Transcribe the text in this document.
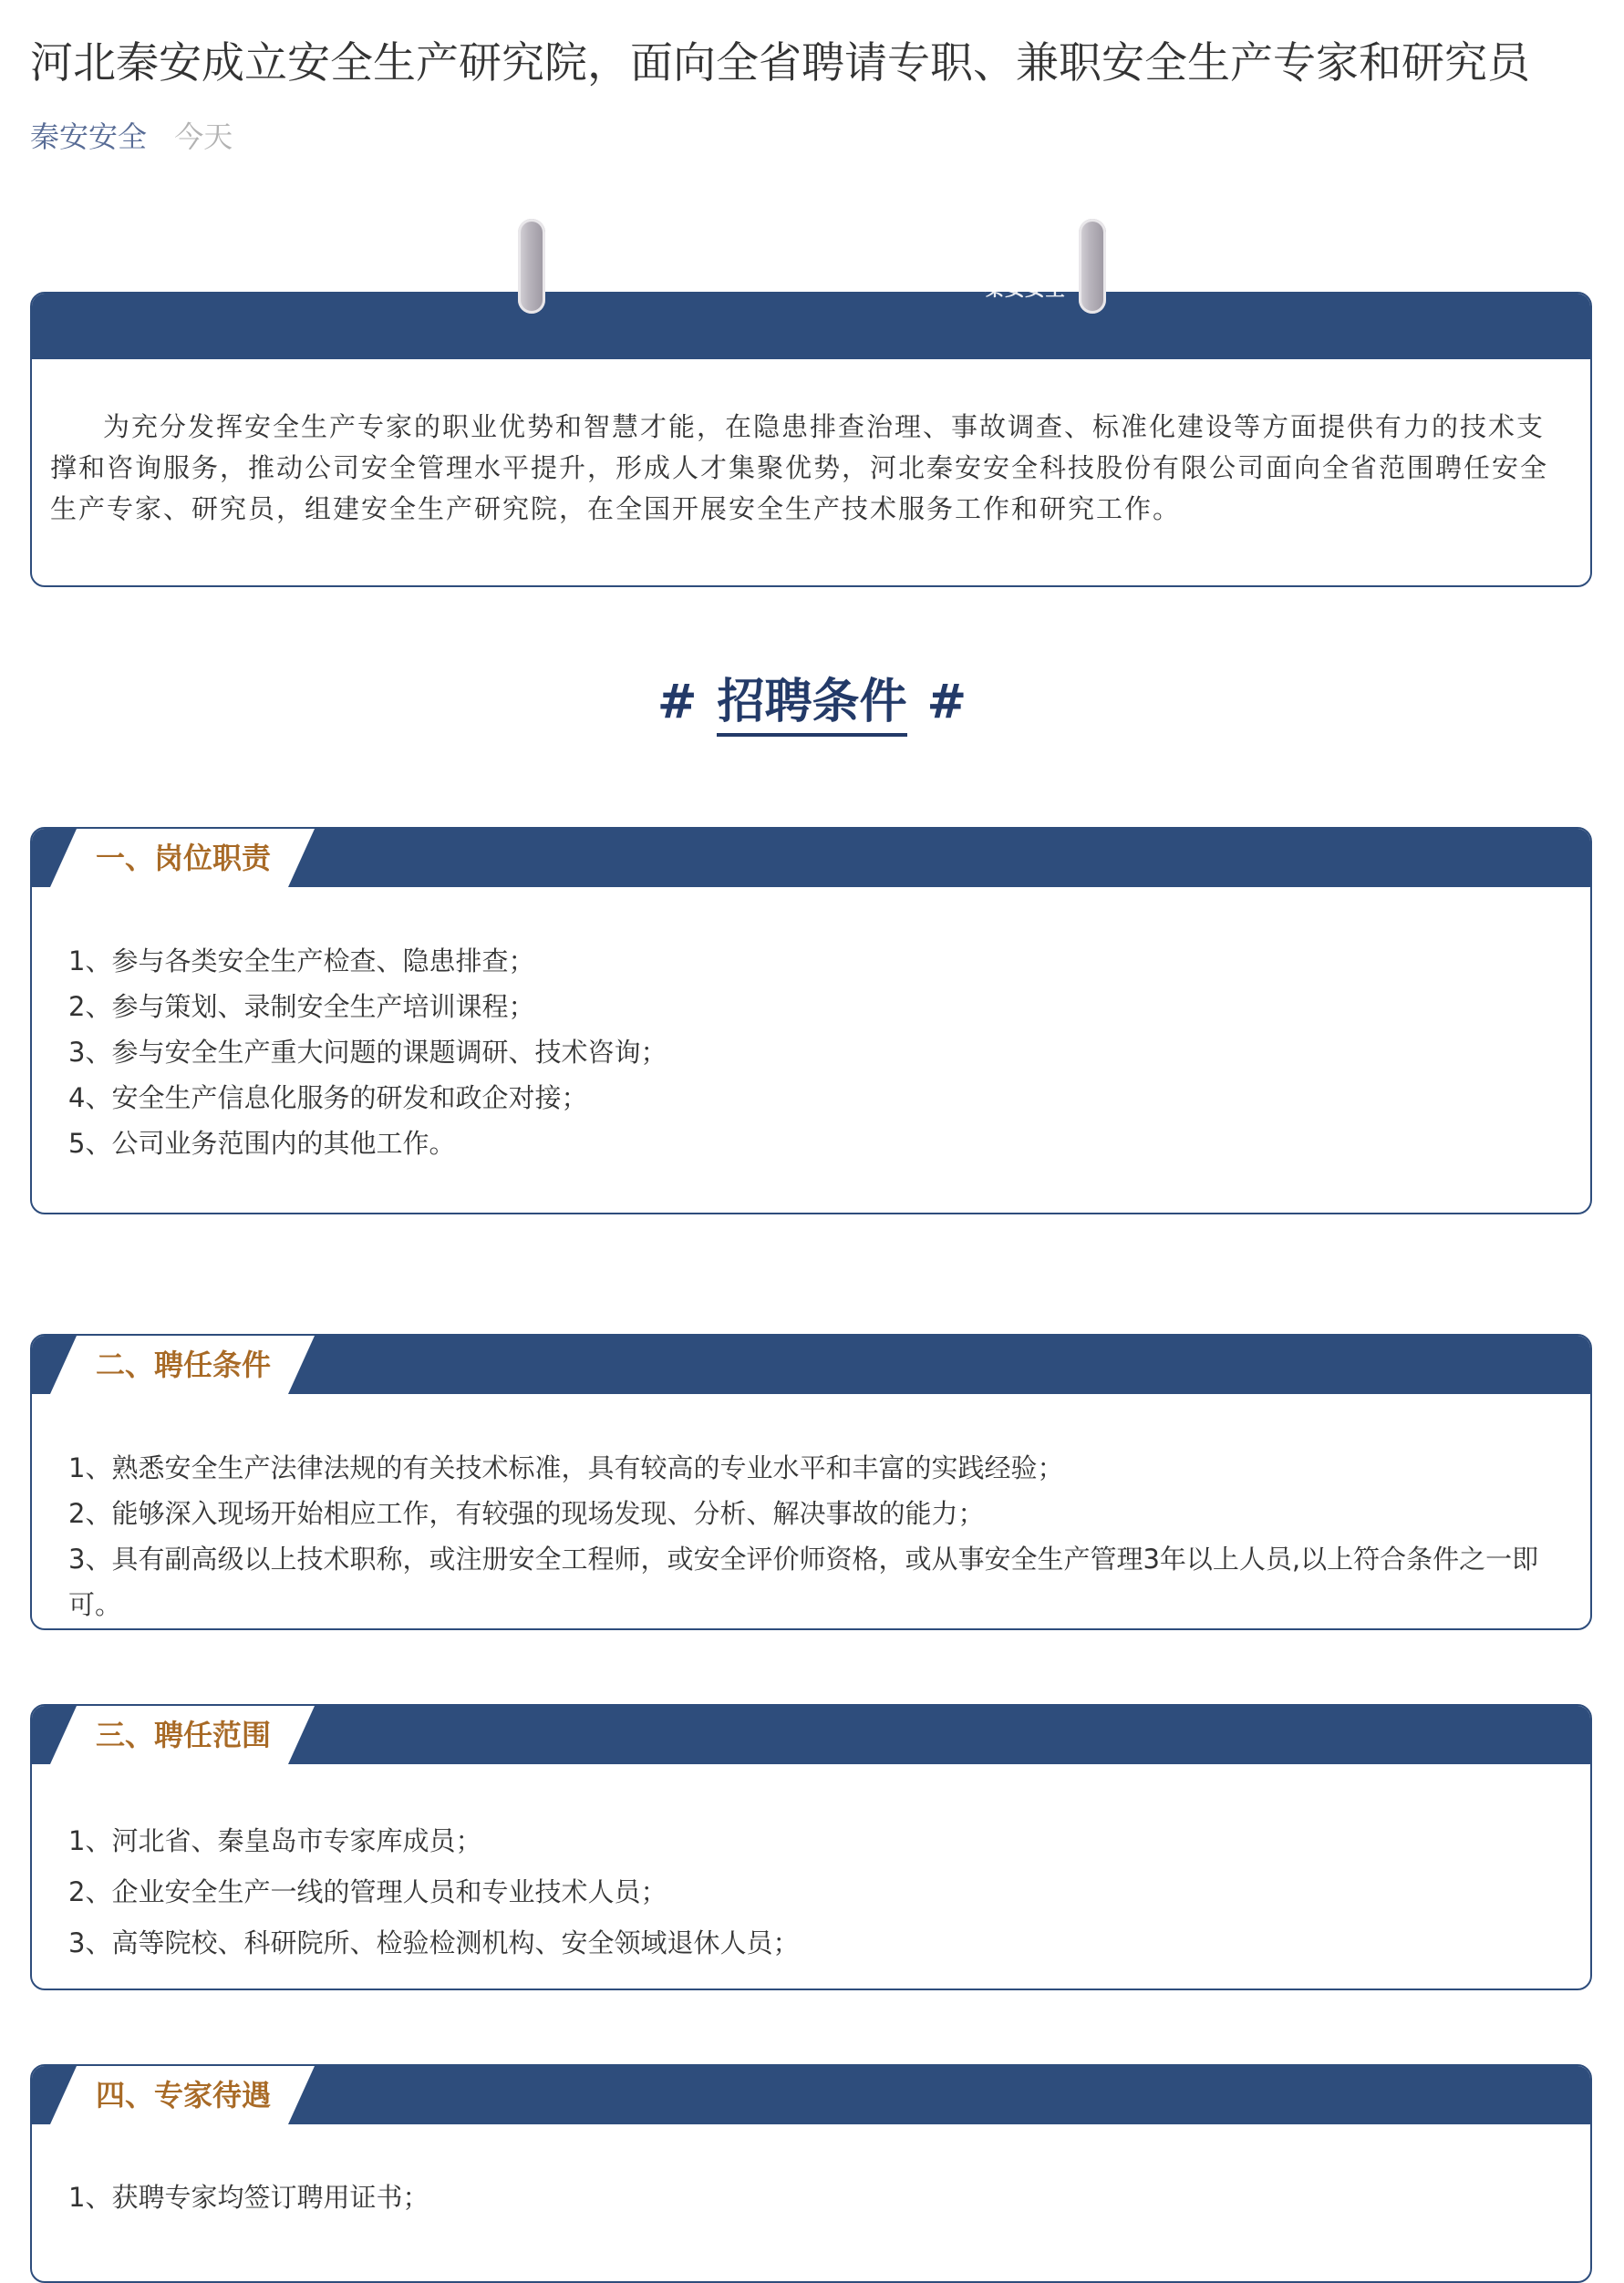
河北秦安成立安全生产研究院，面向全省聘请专职、兼职安全生产专家和研究员
秦安安全 今天

为充分发挥安全生产专家的职业优势和智慧才能，在隐患排查治理、事故调查、标准化建设等方面提供有力的技术支撑和咨询服务，推动公司安全管理水平提升，形成人才集聚优势，河北秦安安全科技股份有限公司面向全省范围聘任安全生产专家、研究员，组建安全生产研究院，在全国开展安全生产技术服务工作和研究工作。

秦安安全
# 招聘条件 #
一、岗位职责
1、参与各类安全生产检查、隐患排查；
2、参与策划、录制安全生产培训课程；
3、参与安全生产重大问题的课题调研、技术咨询；
4、安全生产信息化服务的研发和政企对接；
5、公司业务范围内的其他工作。
二、聘任条件
1、熟悉安全生产法律法规的有关技术标准，具有较高的专业水平和丰富的实践经验；
2、能够深入现场开始相应工作，有较强的现场发现、分析、解决事故的能力；
3、具有副高级以上技术职称，或注册安全工程师，或安全评价师资格，或从事安全生产管理3年以上人员,以上符合条件之一即可。
三、聘任范围
1、河北省、秦皇岛市专家库成员；
2、企业安全生产一线的管理人员和专业技术人员；
3、高等院校、科研院所、检验检测机构、安全领域退休人员；
四、专家待遇
1、获聘专家均签订聘用证书；
